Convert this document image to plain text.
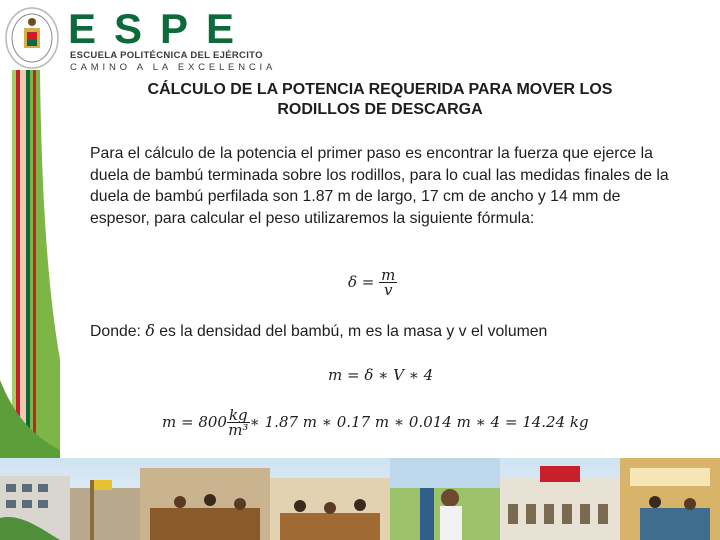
ESPE
ESCUELA POLITÉCNICA DEL EJÉRCITO
CAMINO A LA EXCELENCIA
CÁLCULO DE LA POTENCIA REQUERIDA PARA MOVER LOS
RODILLOS DE DESCARGA
Para el cálculo de la potencia el primer paso es encontrar la fuerza que ejerce la duela de bambú terminada sobre los rodillos, para lo cual las medidas finales de la duela de bambú perfilada son 1.87 m de largo, 17 cm de ancho y 14 mm de espesor, para calcular el peso utilizaremos la siguiente fórmula:
$\delta = \frac{m}{v}$
Donde: δ es la densidad del bambú, m es la masa y v el volumen
m = δ ∗ V ∗ 4
$m = 800 \frac{kg}{\text{m³}}$ ∗ 1.87 m ∗ 0.17 m ∗ 0.014 m ∗ 4 = 14.24 kg
